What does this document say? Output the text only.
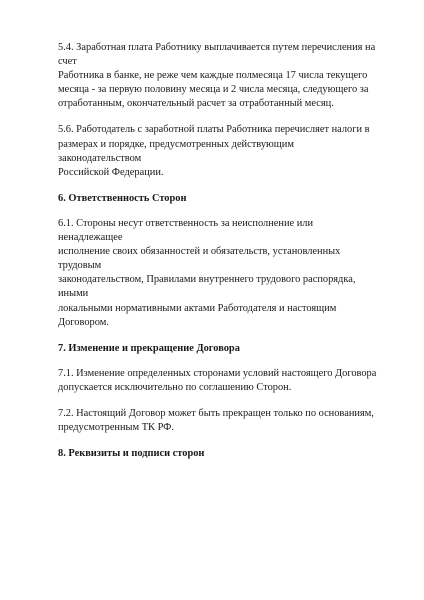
5.4. Заработная плата Работнику выплачивается путем перечисления на счет
Работника в банке, не реже чем каждые полмесяца 17 числа текущего
месяца - за первую половину месяца и 2 числа месяца, следующего за
отработанным, окончательный расчет за отработанный месяц.

5.6. Работодатель с заработной платы Работника перечисляет налоги в
размерах и порядке, предусмотренных действующим законодательством
Российской Федерации.

6. Ответственность Сторон

6.1. Стороны несут ответственность за неисполнение или ненадлежащее
исполнение своих обязанностей и обязательств, установленных трудовым
законодательством, Правилами внутреннего трудового распорядка, иными
локальными нормативными актами Работодателя и настоящим Договором.

7. Изменение и прекращение Договора

7.1. Изменение определенных сторонами условий настоящего Договора
допускается исключительно по соглашению Сторон.

7.2. Настоящий Договор может быть прекращен только по основаниям,
предусмотренным ТК РФ.

8. Реквизиты и подписи сторон
